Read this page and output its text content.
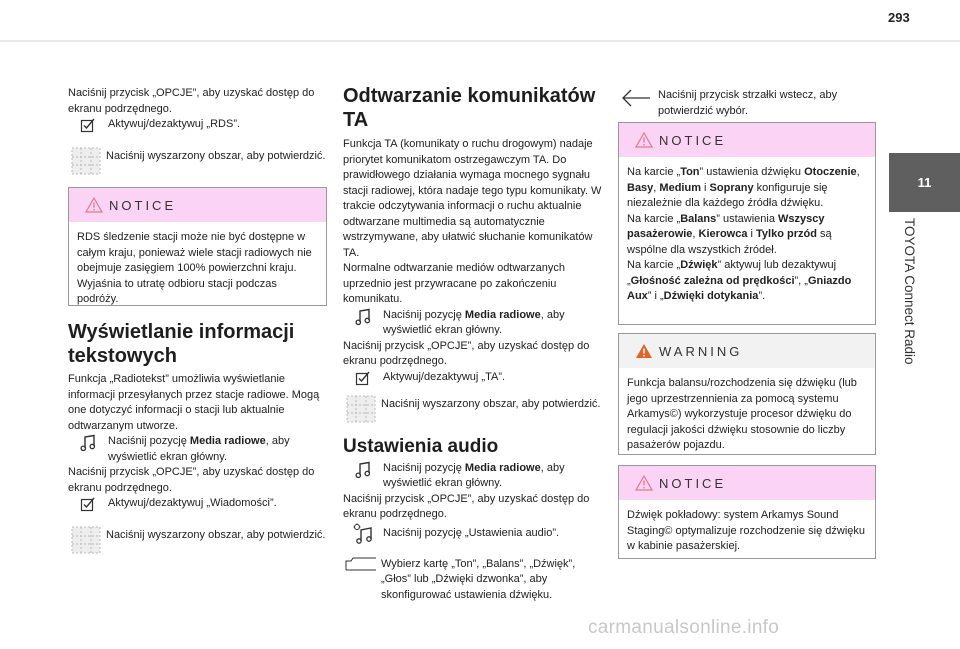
293
11
TOYOTA Connect Radio

Naciśnij przycisk „OPCJE”, aby uzyskać dostęp do ekranu podrzędnego.

Aktywuj/dezaktywuj „RDS”.

Naciśnij wyszarzony obszar, aby potwierdzić.

NOTICE
RDS śledzenie stacji może nie być dostępne w całym kraju, ponieważ wiele stacji radiowych nie obejmuje zasięgiem 100% powierzchni kraju. Wyjaśnia to utratę odbioru stacji podczas podróży.
Wyświetlanie informacji
tekstowych

Funkcja „Radiotekst” umożliwia wyświetlanie informacji przesyłanych przez stacje radiowe. Mogą one dotyczyć informacji o stacji lub aktualnie odtwarzanym utworze.

Naciśnij pozycję Media radiowe, aby wyświetlić ekran główny.

Naciśnij przycisk „OPCJE”, aby uzyskać dostęp do ekranu podrzędnego.

Aktywuj/dezaktywuj „Wiadomości”.

Naciśnij wyszarzony obszar, aby potwierdzić.

Odtwarzanie komunikatów
TA

Funkcja TA (komunikaty o ruchu drogowym) nadaje priorytet komunikatom ostrzegawczym TA. Do prawidłowego działania wymaga mocnego sygnału stacji radiowej, która nadaje tego typu komunikaty. W trakcie odczytywania informacji o ruchu aktualnie odtwarzane multimedia są automatycznie wstrzymywane, aby ułatwić słuchanie komunikatów TA.

Normalne odtwarzanie mediów odtwarzanych uprzednio jest przywracane po zakończeniu komunikatu.

Naciśnij pozycję Media radiowe, aby wyświetlić ekran główny.

Naciśnij przycisk „OPCJE”, aby uzyskać dostęp do ekranu podrzędnego.

Aktywuj/dezaktywuj „TA”.

Naciśnij wyszarzony obszar, aby potwierdzić.

Ustawienia audio

Naciśnij pozycję Media radiowe, aby wyświetlić ekran główny.

Naciśnij przycisk „OPCJE”, aby uzyskać dostęp do ekranu podrzędnego.

Naciśnij pozycję „Ustawienia audio”.

Wybierz kartę „Ton”, „Balans”, „Dźwięk”, „Głos” lub „Dźwięki dzwonka”, aby skonfigurować ustawienia dźwięku.

Naciśnij przycisk strzałki wstecz, aby potwierdzić wybór.

NOTICE
Na karcie „Ton” ustawienia dźwięku Otoczenie, Basy, Medium i Soprany konfiguruje się niezależnie dla każdego źródła dźwięku.
Na karcie „Balans” ustawienia Wszyscy pasażerowie, Kierowca i Tylko przód są wspólne dla wszystkich źródeł.
Na karcie „Dźwięk” aktywuj lub dezaktywuj „Głośność zależna od prędkości”, „Gniazdo Aux” i „Dźwięki dotykania”.
WARNING
Funkcja balansu/rozchodzenia się dźwięku (lub jego uprzestrzennienia za pomocą systemu Arkamys©) wykorzystuje procesor dźwięku do regulacji jakości dźwięku stosownie do liczby pasażerów pojazdu.
NOTICE
Dźwięk pokładowy: system Arkamys Sound Staging© optymalizuje rozchodzenie się dźwięku w kabinie pasażerskiej.
carmanualsonline.info
